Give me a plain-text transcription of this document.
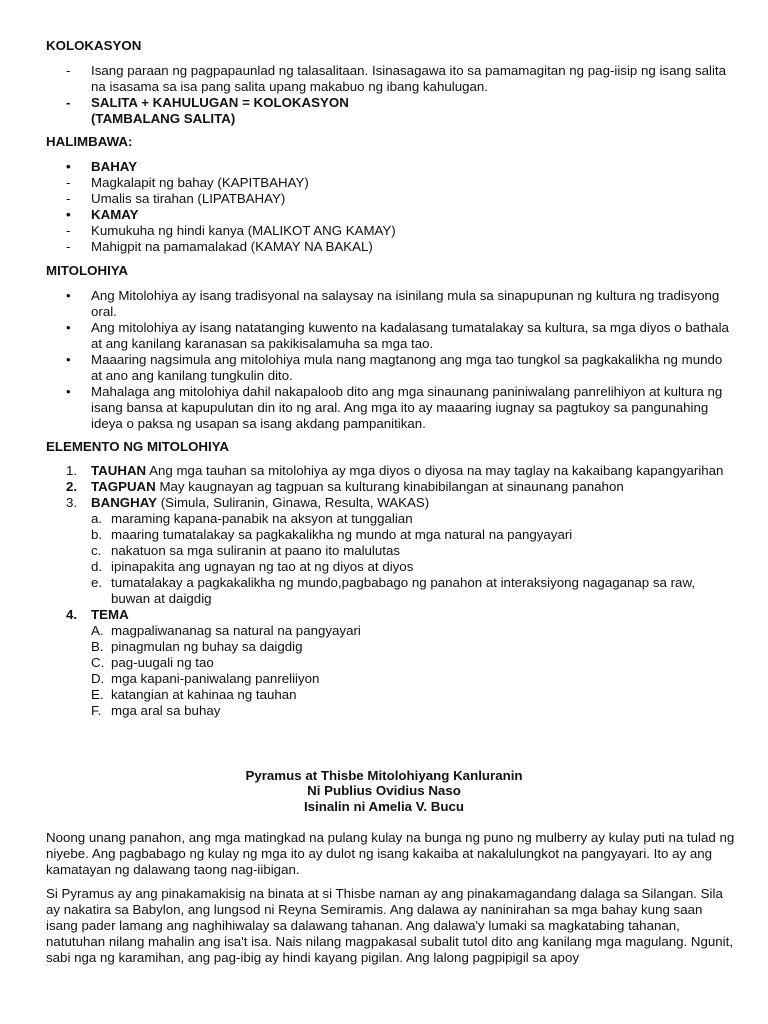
KOLOKASYON

- Isang paraan ng pagpapaunlad ng talasalitaan. Isinasagawa ito sa pamamagitan ng pag-iisip ng isang salita na isasama sa isa pang salita upang makabuo ng ibang kahulugan.
- SALITA + KAHULUGAN = KOLOKASYON
(TAMBALANG SALITA)

HALIMBAWA:

• BAHAY
- Magkalapit ng bahay (KAPITBAHAY)
- Umalis sa tirahan (LIPATBAHAY)
• KAMAY
- Kumukuha ng hindi kanya (MALIKOT ANG KAMAY)
- Mahigpit na pamamalakad (KAMAY NA BAKAL)

MITOLOHIYA

• Ang Mitolohiya ay isang tradisyonal na salaysay na isinilang mula sa sinapupunan ng kultura ng tradisyong oral.
• Ang mitolohiya ay isang natatanging kuwento na kadalasang tumatalakay sa kultura, sa mga diyos o bathala at ang kanilang karanasan sa pakikisalamuha sa mga tao.
• Maaaring nagsimula ang mitolohiya mula nang magtanong ang mga tao tungkol sa pagkakalikha ng mundo at ano ang kanilang tungkulin dito.
• Mahalaga ang mitolohiya dahil nakapaloob dito ang mga sinaunang paniniwalang panrelihiyon at kultura ng isang bansa at kapupulutan din ito ng aral. Ang mga ito ay maaaring iugnay sa pagtukoy sa pangunahing ideya o paksa ng usapan sa isang akdang pampanitikan.

ELEMENTO NG MITOLOHIYA

1. TAUHAN Ang mga tauhan sa mitolohiya ay mga diyos o diyosa na may taglay na kakaibang kapangyarihan
2. TAGPUAN May kaugnayan ag tagpuan sa kulturang kinabibilangan at sinaunang panahon
3. BANGHAY (Simula, Suliranin, Ginawa, Resulta, WAKAS)
a. maraming kapana-panabik na aksyon at tunggalian
b. maaring tumatalakay sa pagkakalikha ng mundo at mga natural na pangyayari
c. nakatuon sa mga suliranin at paano ito malulutas
d. ipinapakita ang ugnayan ng tao at ng diyos at diyos
e. tumatalakay a pagkakalikha ng mundo,pagbabago ng panahon at interaksiyong nagaganap sa raw, buwan at daigdig
4. TEMA
A. magpaliwananag sa natural na pangyayari
B. pinagmulan ng buhay sa daigdig
C. pag-uugali ng tao
D. mga kapani-paniwalang panreliiyon
E. katangian at kahinaa ng tauhan
F. mga aral sa buhay

Pyramus at Thisbe Mitolohiyang Kanluranin

Ni Publius Ovidius Naso

Isinalin ni Amelia V. Bucu

Noong unang panahon, ang mga matingkad na pulang kulay na bunga ng puno ng mulberry ay kulay puti na tulad ng niyebe. Ang pagbabago ng kulay ng mga ito ay dulot ng isang kakaiba at nakalulungkot na pangyayari. Ito ay ang kamatayan ng dalawang taong nag-iibigan.

Si Pyramus ay ang pinakamakisig na binata at si Thisbe naman ay ang pinakamagandang dalaga sa Silangan. Sila ay nakatira sa Babylon, ang lungsod ni Reyna Semiramis. Ang dalawa ay naninirahan sa mga bahay kung saan isang pader lamang ang naghihiwalay sa dalawang tahanan. Ang dalawa'y lumaki sa magkatabing tahanan, natutuhan nilang mahalin ang isa't isa. Nais nilang magpakasal subalit tutol dito ang kanilang mga magulang. Ngunit, sabi nga ng karamihan, ang pag-ibig ay hindi kayang pigilan. Ang lalong pagpipigil sa apoy
